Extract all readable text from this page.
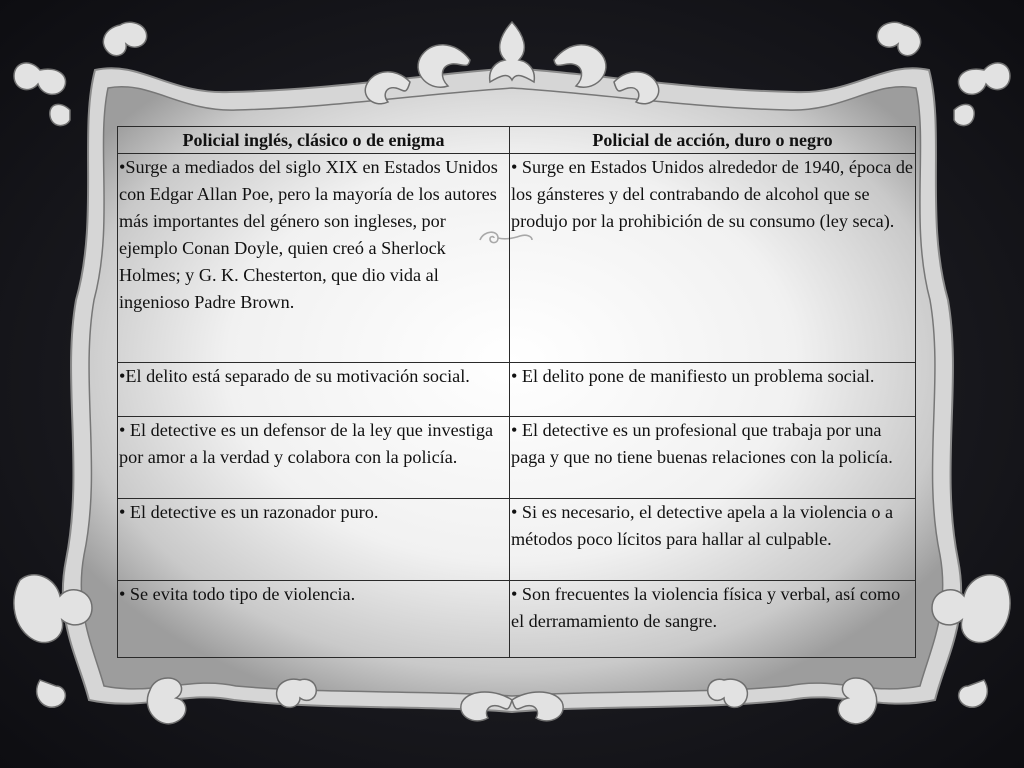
Policial inglés, clásico o de enigma	Policial de acción, duro o negro
•Surge a mediados del siglo XIX en Estados Unidos con Edgar Allan Poe, pero la mayoría de los autores más importantes del género son ingleses, por ejemplo Conan Doyle, quien creó a Sherlock Holmes; y G. K. Chesterton, que dio vida al ingenioso Padre Brown.	• Surge en Estados Unidos alrededor de 1940, época de los gánsteres y del contrabando de alcohol que se produjo por la prohibición de su consumo (ley seca).
•El delito está separado de su motivación social.	• El delito pone de manifiesto un problema social.
• El detective es un defensor de la ley que investiga por amor a la verdad y colabora con la policía.	• El detective es un profesional que trabaja por una paga y que no tiene buenas relaciones con la policía.
• El detective es un razonador puro.	• Si es necesario, el detective apela a la violencia o a métodos poco lícitos para hallar al culpable.
• Se evita todo tipo de violencia.	• Son frecuentes la violencia física y verbal, así como el derramamiento de sangre.
